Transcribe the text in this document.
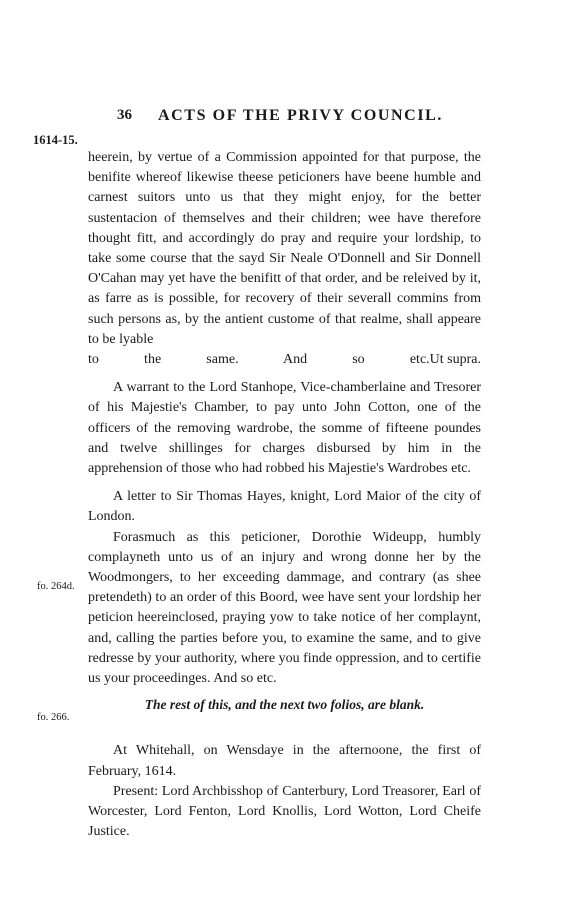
36 ACTS OF THE PRIVY COUNCIL.
1614-15.
fo. 264d.
fo. 266.

heerein, by vertue of a Commission appointed for that purpose, the benifite whereof likewise theese peticioners have beene humble and carnest suitors unto us that they might enjoy, for the better sustentacion of themselves and their children; wee have therefore thought fitt, and accordingly do pray and require your lordship, to take some course that the sayd Sir Neale O'Donnell and Sir Donnell O'Cahan may yet have the benifitt of that order, and be releived by it, as farre as is possible, for recovery of their severall commins from such persons as, by the antient custome of that realme, shall appeare to be lyable

to the same. And so etc. Ut supra.

A warrant to the Lord Stanhope, Vice-chamberlaine and Tresorer of his Majestie's Chamber, to pay unto John Cotton, one of the officers of the removing wardrobe, the somme of fifteene poundes and twelve shillinges for charges disbursed by him in the apprehension of those who had robbed his Majestie's Wardrobes etc.

A letter to Sir Thomas Hayes, knight, Lord Maior of the city of London.

Forasmuch as this peticioner, Dorothie Wideupp, humbly complayneth unto us of an injury and wrong donne her by the Woodmongers, to her exceeding dammage, and contrary (as shee pretendeth) to an order of this Boord, wee have sent your lordship her peticion heereinclosed, praying yow to take notice of her complaynt, and, calling the parties before you, to examine the same, and to give redresse by your authority, where you finde oppression, and to certifie us your proceedinges. And so etc.

The rest of this, and the next two folios, are blank.

At Whitehall, on Wensdaye in the afternoone, the first of February, 1614.

Present: Lord Archbisshop of Canterbury, Lord Treasorer, Earl of Worcester, Lord Fenton, Lord Knollis, Lord Wotton, Lord Cheife Justice.
